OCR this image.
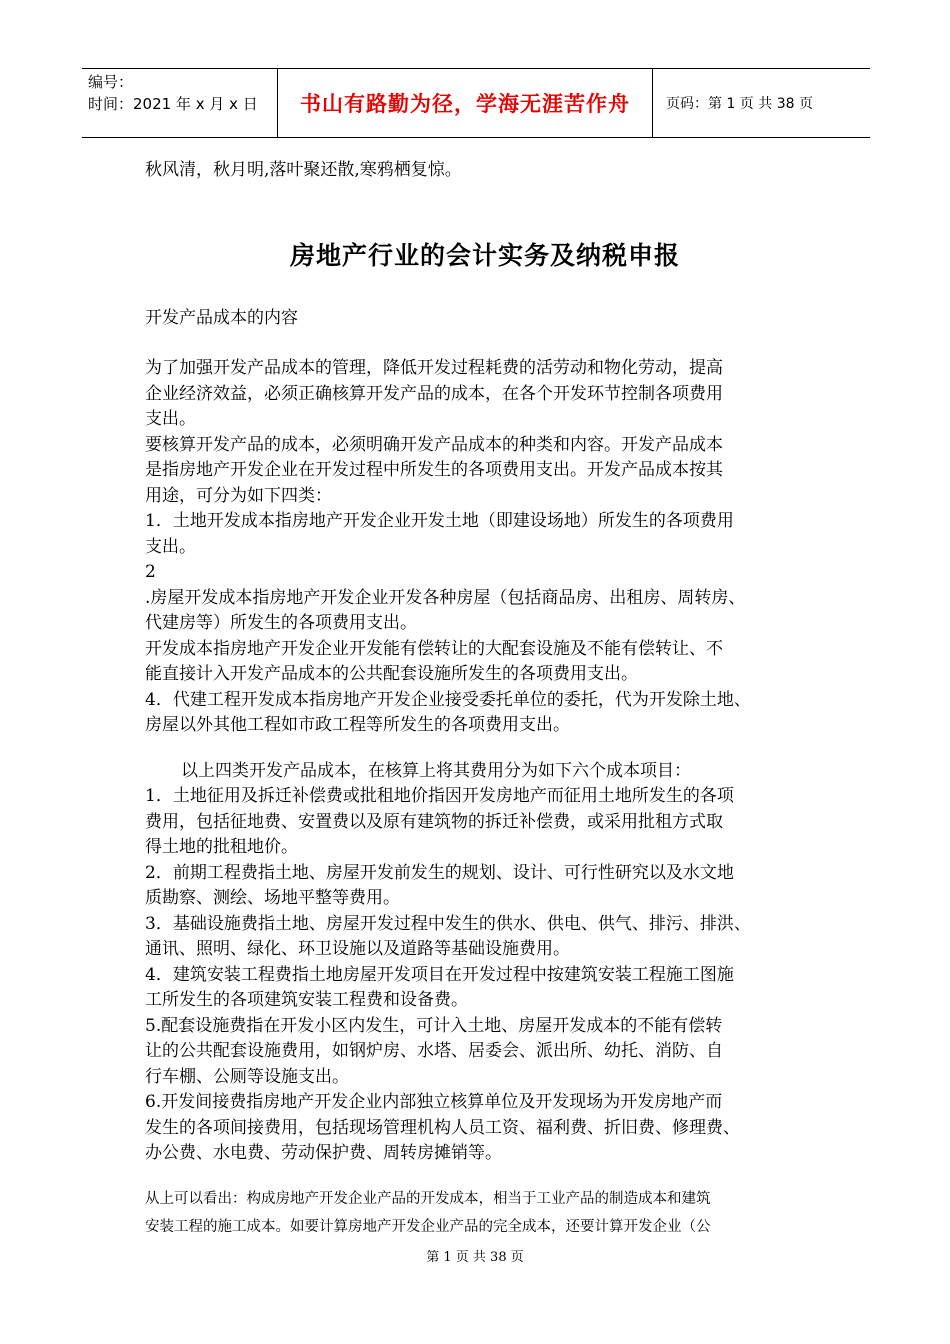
编号：
时间：2021 年 x 月 x 日	书山有路勤为径，学海无涯苦作舟	页码：第 1 页 共 38 页

秋风清，秋月明,落叶聚还散,寒鸦栖复惊。

房地产行业的会计实务及纳税申报

开发产品成本的内容

为了加强开发产品成本的管理，降低开发过程耗费的活劳动和物化劳动，提高
企业经济效益，必须正确核算开发产品的成本，在各个开发环节控制各项费用
支出。

要核算开发产品的成本，必须明确开发产品成本的种类和内容。开发产品成本
是指房地产开发企业在开发过程中所发生的各项费用支出。开发产品成本按其
用途，可分为如下四类：

1．土地开发成本指房地产开发企业开发土地（即建设场地）所发生的各项费用
支出。

2

.房屋开发成本指房地产开发企业开发各种房屋（包括商品房、出租房、周转房、
代建房等）所发生的各项费用支出。

开发成本指房地产开发企业开发能有偿转让的大配套设施及不能有偿转让、不
能直接计入开发产品成本的公共配套设施所发生的各项费用支出。

4．代建工程开发成本指房地产开发企业接受委托单位的委托，代为开发除土地、
房屋以外其他工程如市政工程等所发生的各项费用支出。

以上四类开发产品成本，在核算上将其费用分为如下六个成本项目：

1．土地征用及拆迁补偿费或批租地价指因开发房地产而征用土地所发生的各项
费用，包括征地费、安置费以及原有建筑物的拆迁补偿费，或采用批租方式取
得土地的批租地价。

2．前期工程费指土地、房屋开发前发生的规划、设计、可行性研究以及水文地
质勘察、测绘、场地平整等费用。

3．基础设施费指土地、房屋开发过程中发生的供水、供电、供气、排污、排洪、
通讯、照明、绿化、环卫设施以及道路等基础设施费用。

4．建筑安装工程费指土地房屋开发项目在开发过程中按建筑安装工程施工图施
工所发生的各项建筑安装工程费和设备费。

5.配套设施费指在开发小区内发生，可计入土地、房屋开发成本的不能有偿转
让的公共配套设施费用，如钢炉房、水塔、居委会、派出所、幼托、消防、自
行车棚、公厕等设施支出。

6.开发间接费指房地产开发企业内部独立核算单位及开发现场为开发房地产而
发生的各项间接费用，包括现场管理机构人员工资、福利费、折旧费、修理费、
办公费、水电费、劳动保护费、周转房摊销等。

从上可以看出：构成房地产开发企业产品的开发成本，相当于工业产品的制造成本和建筑
安装工程的施工成本。如要计算房地产开发企业产品的完全成本，还要计算开发企业（公

第 1 页 共 38 页
